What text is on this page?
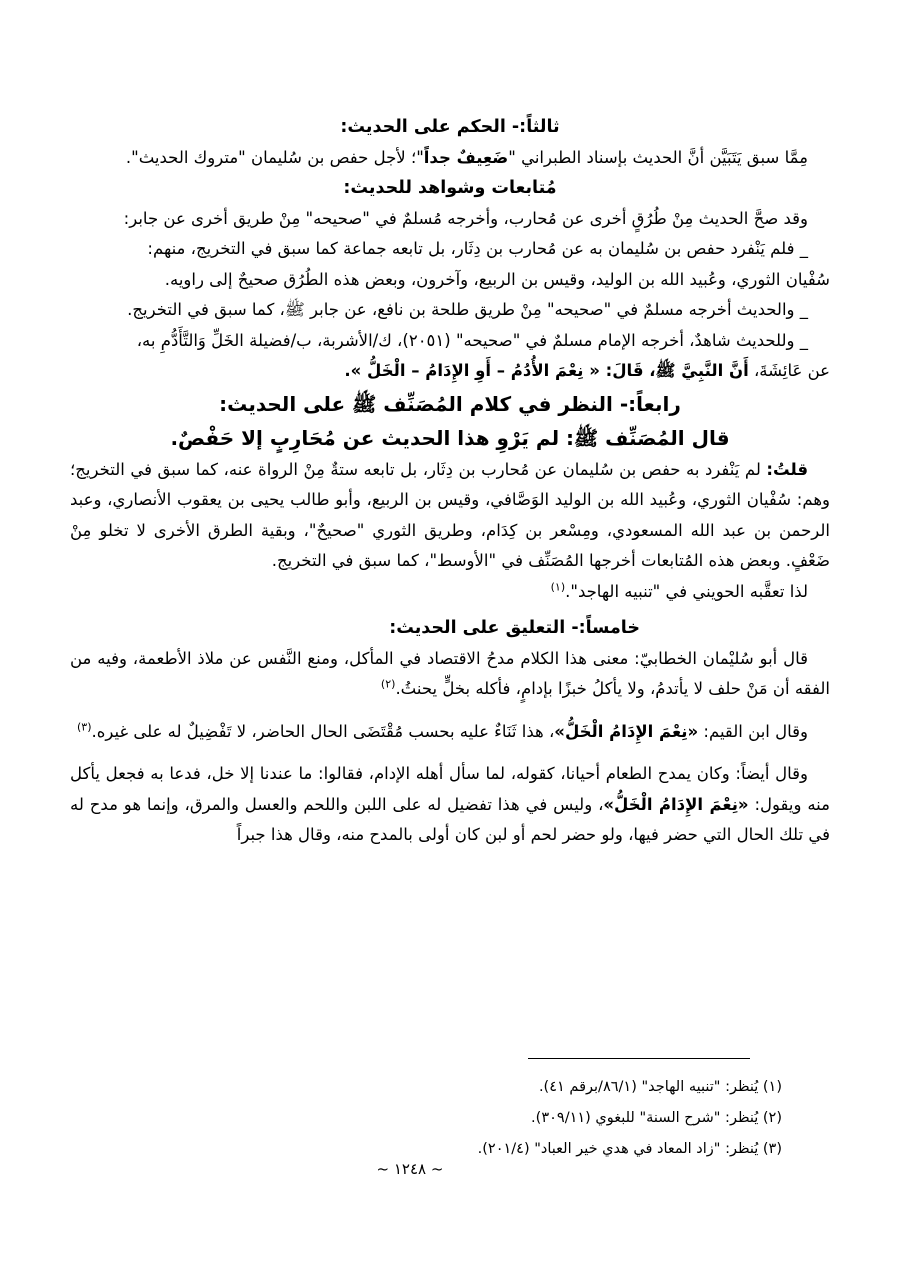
ثالثاً:- الحكم على الحديث:

مِمَّا سبق يَتَبَيَّن أنَّ الحديث بإسناد الطبراني "ضَعِيفٌ جداً"؛ لأجل حفص بن سُليمان "متروك الحديث".

مُتابعات وشواهد للحديث:

وقد صحَّ الحديث مِنْ طُرُقٍ أخرى عن مُحارب، وأخرجه مُسلمٌ في "صحيحه" مِنْ طريق أخرى عن جابر:

_ فلم يَنْفرد حفص بن سُليمان به عن مُحارب بن دِثَار، بل تابعه جماعة كما سبق في التخريج، منهم:

سُفْيان الثوري، وعُبيد الله بن الوليد، وقيس بن الربيع، وآخرون، وبعض هذه الطُرُق صحيحٌ إلى راويه.

_ والحديث أخرجه مسلمٌ في "صحيحه" مِنْ طريق طلحة بن نافع، عن جابر ﷺ، كما سبق في التخريج.

_ وللحديث شاهدٌ، أخرجه الإمام مسلمٌ في "صحيحه" (٢٠٥١)، ك/الأشربة، ب/فضيلة الخَلِّ وَالتَّأَدُّمِ به،

عن عَائِشَةَ، أَنَّ النَّبِيَّ ﷺ، قَالَ: « نِعْمَ الأُدُمُ – أَوِ الإِدَامُ – الْخَلُّ ».

رابعاً:- النظر في كلام المُصَنِّف ﷺ على الحديث:

قال المُصَنِّف ﷺ: لم يَرْوِ هذا الحديث عن مُحَارِبٍ إلا حَفْصٌ.

قلتُ: لم يَنْفرد به حفص بن سُليمان عن مُحارب بن دِثَار، بل تابعه ستةٌ مِنْ الرواة عنه، كما سبق في التخريج؛ وهم: سُفْيان الثوري، وعُبيد الله بن الوليد الوَصَّافي، وقيس بن الربيع، وأبو طالب يحيى بن يعقوب الأنصاري، وعبد الرحمن بن عبد الله المسعودي، ومِسْعر بن كِدَام، وطريق الثوري "صحيحٌ"، وبقية الطرق الأخرى لا تخلو مِنْ ضَعْفٍ. وبعض هذه المُتابعات أخرجها المُصَنِّف في "الأوسط"، كما سبق في التخريج.

لذا تعقَّبه الحويني في "تنبيه الهاجد".$^{(١)}$

خامساً:- التعليق على الحديث:

قال أبو سُليْمان الخطابيّ: معنى هذا الكلام مدحُ الاقتصاد في المأكل، ومنع النَّفس عن ملاذ الأطعمة، وفيه من الفقه أن مَنْ حلف لا يأتدمُ، ولا يأكلُ خبزًا بإدامٍ، فأكله بخلٍّ يحنثُ.$^{(٢)}$

وقال ابن القيم: «نِعْمَ الإِدَامُ الْخَلُّ»، هذا ثَنَاءٌ عليه بحسب مُقْتَضَى الحال الحاضر، لا تَفْضِيلٌ له على غيره.$^{(٣)}$

وقال أيضاً: وكان يمدح الطعام أحيانا، كقوله، لما سأل أهله الإدام، فقالوا: ما عندنا إلا خل، فدعا به فجعل يأكل منه ويقول: «نِعْمَ الإِدَامُ الْخَلُّ»، وليس في هذا تفضيل له على اللبن واللحم والعسل والمرق، وإنما هو مدح له في تلك الحال التي حضر فيها، ولو حضر لحم أو لبن كان أولى بالمدح منه، وقال هذا جبراً

(١) يُنظر: "تنبيه الهاجد" (٨٦/١/برقم ٤١).

(٢) يُنظر: "شرح السنة" للبغوي (٣٠٩/١١).

(٣) يُنظر: "زاد المعاد في هدي خير العباد" (٢٠١/٤).

~ ١٢٤٨ ~
